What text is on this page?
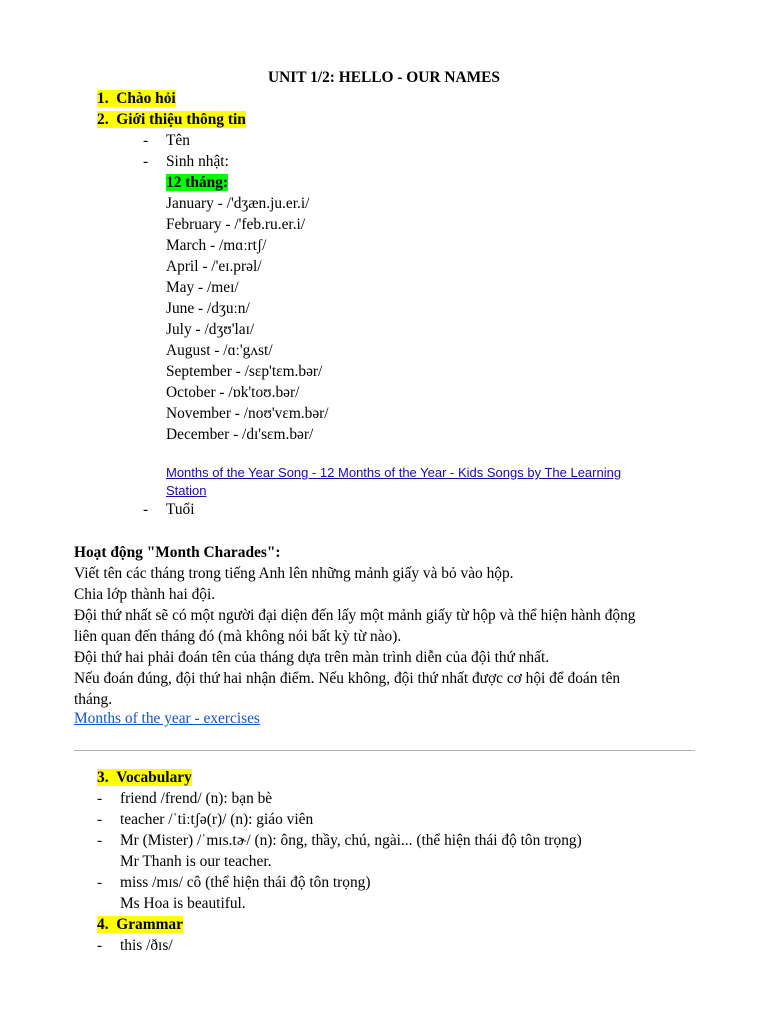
UNIT 1/2: HELLO - OUR NAMES
1. Chào hỏi
2. Giới thiệu thông tin
- Tên
- Sinh nhật:
12 tháng:
January - /'dʒæn.ju.er.i/
February - /'feb.ru.er.i/
March - /mɑːrtʃ/
April - /'eɪ.prəl/
May - /meɪ/
June - /dʒuːn/
July - /dʒʊ'laɪ/
August - /ɑː'gʌst/
September - /sɛp'tɛm.bər/
October - /ɒk'toʊ.bər/
November - /noʊ'vɛm.bər/
December - /dɪ'sɛm.bər/
Months of the Year Song - 12 Months of the Year - Kids Songs by The Learning
Station
- Tuổi
Hoạt động "Month Charades":
Viết tên các tháng trong tiếng Anh lên những mảnh giấy và bỏ vào hộp.
Chia lớp thành hai đội.
Đội thứ nhất sẽ có một người đại diện đến lấy một mảnh giấy từ hộp và thể hiện hành động
liên quan đến tháng đó (mà không nói bất kỳ từ nào).
Đội thứ hai phải đoán tên của tháng dựa trên màn trình diễn của đội thứ nhất.
Nếu đoán đúng, đội thứ hai nhận điểm. Nếu không, đội thứ nhất được cơ hội để đoán tên
tháng.
Months of the year - exercises
3. Vocabulary
- friend /frend/ (n): bạn bè
- teacher /ˈtiːtʃə(r)/ (n): giáo viên
- Mr (Mister) /ˈmɪs.tɚ/ (n): ông, thầy, chú, ngài... (thể hiện thái độ tôn trọng)
Mr Thanh is our teacher.
- miss /mɪs/ cô (thể hiện thái độ tôn trọng)
Ms Hoa is beautiful.
4. Grammar
- this /ðɪs/
